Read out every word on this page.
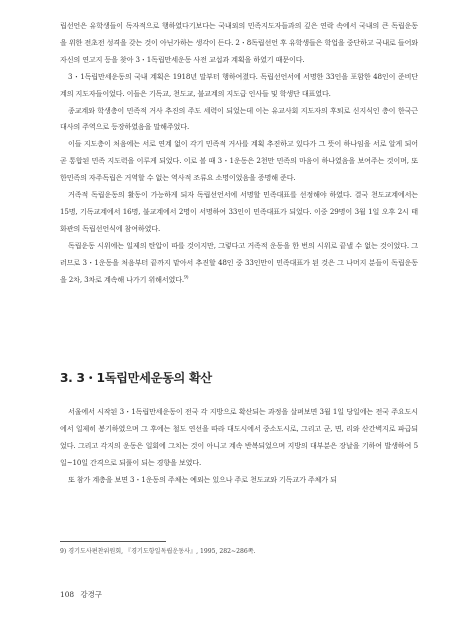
립선언은 유학생들이 독자적으로 행하였다기보다는 국내외의 민족지도자들과의 깊은 연락 속에서 국내의 큰 독립운동을 위한 전초전 성격을 갖는 것이 아닌가하는 생각이 든다. 2・8독립선언 후 유학생들은 학업을 중단하고 국내로 들어와 자신의 연고지 등을 찾아 3・1독립만세운동 사전 교섭과 계획을 하였기 때문이다.

3・1독립만세운동의 국내 계획은 1918년 말부터 행하여졌다. 독립선언서에 서명한 33인을 포함한 48인이 준비단계의 지도자들이었다. 이들은 기독교, 천도교, 불교계의 지도급 인사들 및 학생단 대표였다.

종교계와 학생층이 민족적 거사 추진의 주도 세력이 되었는데 이는 유교사회 지도자의 후퇴로 신지식인 층이 한국근대사의 주역으로 등장하였음을 말해주었다.

이들 지도층이 처음에는 서로 연계 없이 각기 민족적 거사를 계획 추진하고 있다가 그 뜻이 하나임을 서로 알게 되어 곧 통합된 민족 지도력을 이루게 되었다. 이로 볼 때 3・1운동은 2천만 민족의 마음이 하나였음을 보여주는 것이며, 또 한민족의 자주독립은 거역할 수 없는 역사적 조류요 소명이었음을 증명해 준다.

거족적 독립운동의 활동이 가능하게 되자 독립선언서에 서명할 민족대표를 선정해야 하였다. 결국 천도교계에서는 15명, 기독교계에서 16명, 불교계에서 2명이 서명하여 33인이 민족대표가 되었다. 이중 29명이 3월 1일 오후 2시 태화관의 독립선언식에 참여하였다.

독립운동 시위에는 일제의 탄압이 따를 것이지만, 그렇다고 거족적 운동을 한 번의 시위로 끝낼 수 없는 것이었다. 그러므로 3・1운동을 처음부터 끝까지 맡아서 추진할 48인 중 33인만이 민족대표가 된 것은 그 나머지 분들이 독립운동을 2차, 3차로 계속해 나가기 위해서였다.$^{9)}$

3. 3・1독립만세운동의 확산

서울에서 시작된 3・1독립만세운동이 전국 각 지방으로 확산되는 과정을 살펴보면 3월 1일 당일에는 전국 주요도시에서 일제히 봉기하였으며 그 후에는 철도 연선을 따라 대도시에서 중소도시로, 그리고 군, 면, 리와 산간벽지로 파급되었다. 그리고 각지의 운동은 일회에 그치는 것이 아니고 계속 반복되었으며 지방의 대부분은 장날을 기하여 발생하여 5일~10일 간격으로 되풀이 되는 경향을 보였다.

또 참가 계층을 보면 3・1운동의 주체는 예외는 있으나 주로 천도교와 기독교가 주체가 되

9) 경기도사편찬위원회, 『경기도항일독립운동사』, 1995, 282~286쪽.
108 강경구
